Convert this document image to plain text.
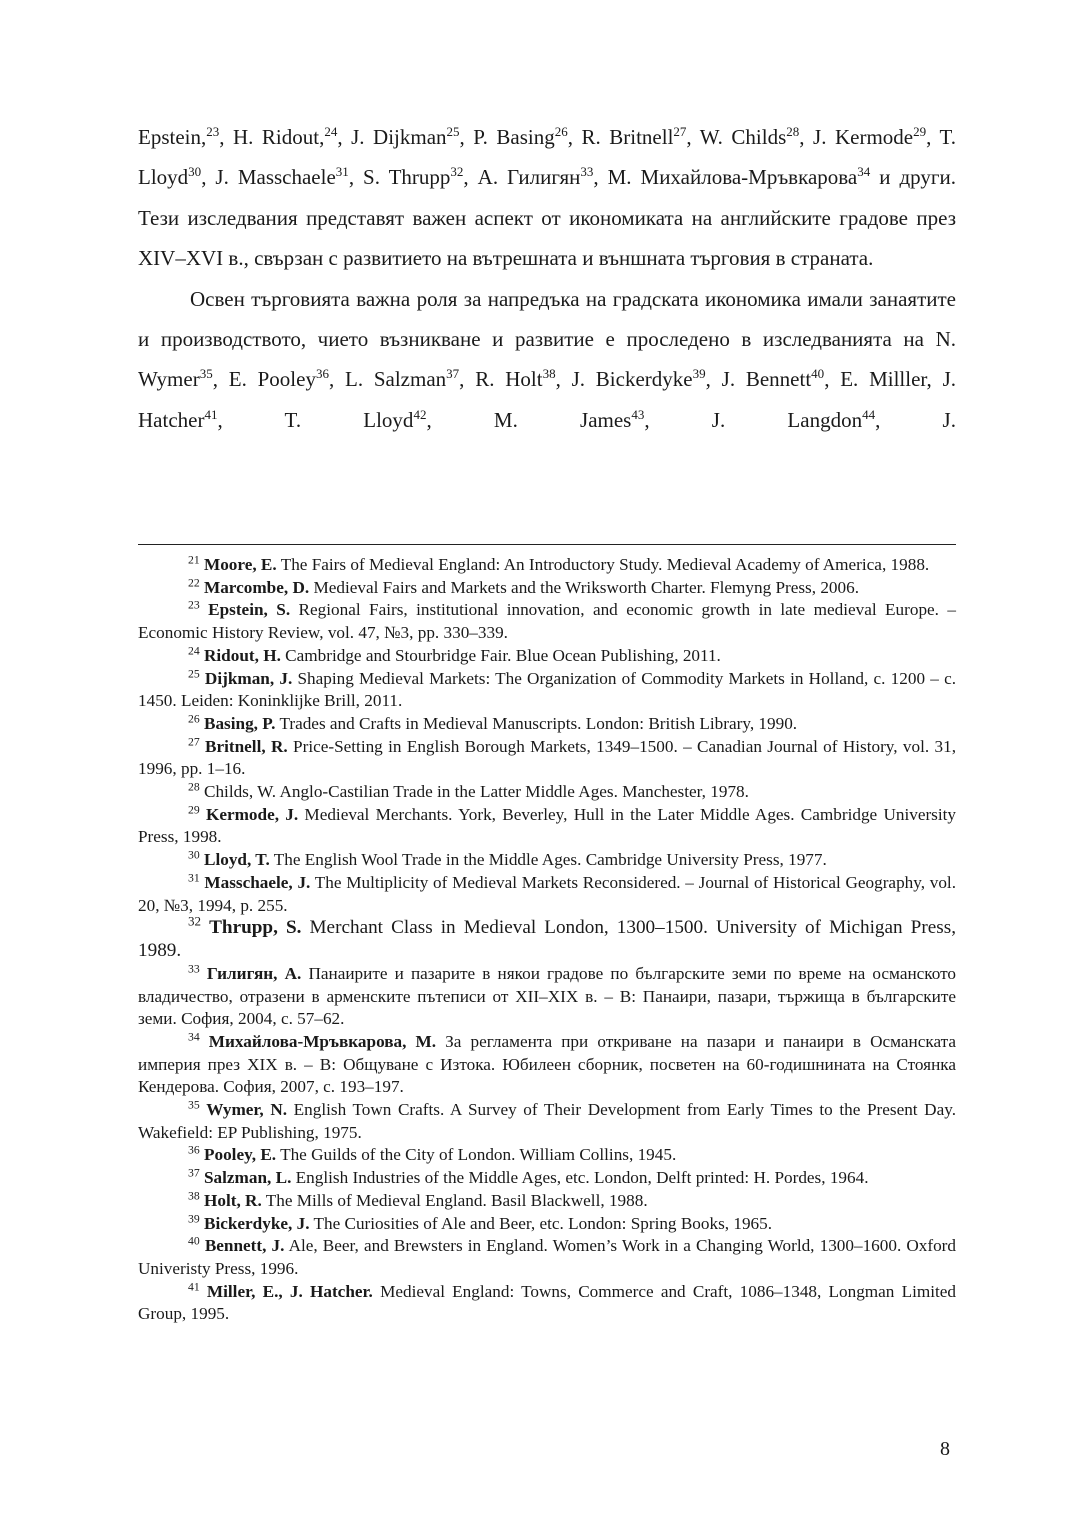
Epstein,$^{23}$, H. Ridout,$^{24}$, J. Dijkman$^{25}$, P. Basing$^{26}$, R. Britnell$^{27}$, W. Childs$^{28}$, J. Kermode$^{29}$, T. Lloyd$^{30}$, J. Masschaele$^{31}$, S. Thrupp$^{32}$, А. Гилигян$^{33}$, М. Михайлова-Мръвкарова$^{34}$ и други. Тези изследвания представят важен аспект от икономиката на английските градове през XIV–XVI в., свързан с развитието на вътрешната и външната търговия в страната.

Освен търговията важна роля за напредъка на градската икономика имали занаятите и производството, чието възникване и развитие е проследено в изследванията на N. Wymer$^{35}$, E. Pooley$^{36}$, L. Salzman$^{37}$, R. Holt$^{38}$, J. Bickerdyke$^{39}$, J. Bennett$^{40}$, E. Milller, J. Hatcher$^{41}$, T. Lloyd$^{42}$, M. James$^{43}$, J. Langdon$^{44}$, J.

$^{21}$ Moore, E. The Fairs of Medieval England: An Introductory Study. Medieval Academy of America, 1988.

$^{22}$ Marcombe, D. Medieval Fairs and Markets and the Wriksworth Charter. Flemyng Press, 2006.

$^{23}$ Epstein, S. Regional Fairs, institutional innovation, and economic growth in late medieval Europe. – Economic History Review, vol. 47, №3, pp. 330–339.

$^{24}$ Ridout, H. Cambridge and Stourbridge Fair. Blue Ocean Publishing, 2011.

$^{25}$ Dijkman, J. Shaping Medieval Markets: The Organization of Commodity Markets in Holland, c. 1200 – c. 1450. Leiden: Koninklijke Brill, 2011.

$^{26}$ Basing, P. Trades and Crafts in Medieval Manuscripts. London: British Library, 1990.

$^{27}$ Britnell, R. Price-Setting in English Borough Markets, 1349–1500. – Canadian Journal of History, vol. 31, 1996, pp. 1–16.

$^{28}$ Childs, W. Anglo-Castilian Trade in the Latter Middle Ages. Manchester, 1978.

$^{29}$ Kermode, J. Medieval Merchants. York, Beverley, Hull in the Later Middle Ages. Cambridge University Press, 1998.

$^{30}$ Lloyd, T. The English Wool Trade in the Middle Ages. Cambridge University Press, 1977.

$^{31}$ Masschaele, J. The Multiplicity of Medieval Markets Reconsidered. – Journal of Historical Geography, vol. 20, №3, 1994, p. 255.

$^{32}$ Thrupp, S. Merchant Class in Medieval London, 1300–1500. University of Michigan Press, 1989.

$^{33}$ Гилигян, А. Панаирите и пазарите в някои градове по българските земи по време на османското владичество, отразени в арменските пътеписи от XII–XIX в. – В: Панаири, пазари, тържища в българските земи. София, 2004, с. 57–62.

$^{34}$ Михайлова-Мръвкарова, М. За регламента при откриване на пазари и панаири в Османската империя през XIX в. – В: Общуване с Изтока. Юбилеен сборник, посветен на 60-годишнината на Стоянка Кендерова. София, 2007, с. 193–197.

$^{35}$ Wymer, N. English Town Crafts. A Survey of Their Development from Early Times to the Present Day. Wakefield: EP Publishing, 1975.

$^{36}$ Pooley, E. The Guilds of the City of London. William Collins, 1945.

$^{37}$ Salzman, L. English Industries of the Middle Ages, etc. London, Delft printed: H. Pordes, 1964.

$^{38}$ Holt, R. The Mills of Medieval England. Basil Blackwell, 1988.

$^{39}$ Bickerdyke, J. The Curiosities of Ale and Beer, etc. London: Spring Books, 1965.

$^{40}$ Bennett, J. Ale, Beer, and Brewsters in England. Women’s Work in a Changing World, 1300–1600. Oxford Univeristy Press, 1996.

$^{41}$ Miller, E., J. Hatcher. Medieval England: Towns, Commerce and Craft, 1086–1348, Longman Limited Group, 1995.

8
